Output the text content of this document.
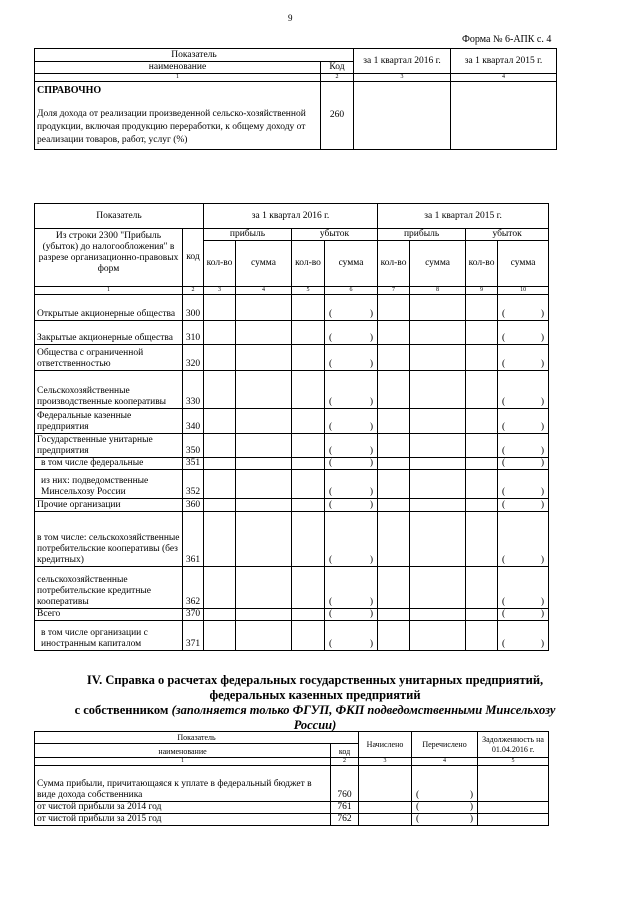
9
Форма № 6-АПК с. 4
Показатель		за 1 квартал 2016 г.	за 1 квартал 2015 г.
наименование	Код		
1	2	3	4

СПРАВОЧНО
Доля дохода от реализации произведенной сельско-хозяйственной продукции, включая продукцию переработки, к общему доходу от реализации товаров, работ, услуг (%)	260		
Показатель		за 1 квартал 2016 г.				за 1 квартал 2015 г.			
Из строки 2300 "Прибыль (убыток) до налогообложения" в разрезе организационно-правовых форм	код	прибыль		убыток		прибыль		убыток	
		кол-во	сумма	кол-во	сумма	кол-во	сумма	кол-во	сумма
1	2	3	4	5	6	7	8	9	10
Открытые акционерные общества	300				( )				( )

Закрытые акционерные общества	310				( )				( )

Общества с ограниченной ответственностью	320				( )				( )

Сельскохозяйственные производственные кооперативы	330				( )				( )

Федеральные казенные предприятия	340				( )				( )

Государственные унитарные предприятия	350				( )				( )

в том числе федеральные	351				( )				( )

из них: подведомственные Минсельхозу России	352				( )				( )

Прочие организации	360				( )				( )

в том числе: сельскохозяйственные потребительские кооперативы (без кредитных)	361				( )				( )

сельскохозяйственные потребительские кредитные кооперативы	362				( )				( )

Всего	370				( )				( )

в том числе организации с иностранным капиталом	371				( )				( )
IV. Справка о расчетах федеральных государственных унитарных предприятий,
федеральных казенных предприятий
с собственником (заполняется только ФГУП, ФКП подведомственными Минсельхозу
России)
Показатель		Начислено	Перечислено	Задолженность на 01.04.2016 г.
наименование	код			
1	2	3	4	5
Сумма прибыли, причитающаяся к уплате в федеральный бюджет в виде дохода собственника	760		( )	

от чистой прибыли за 2014 год	761		( )	

от чистой прибыли за 2015 год	762		( )	
